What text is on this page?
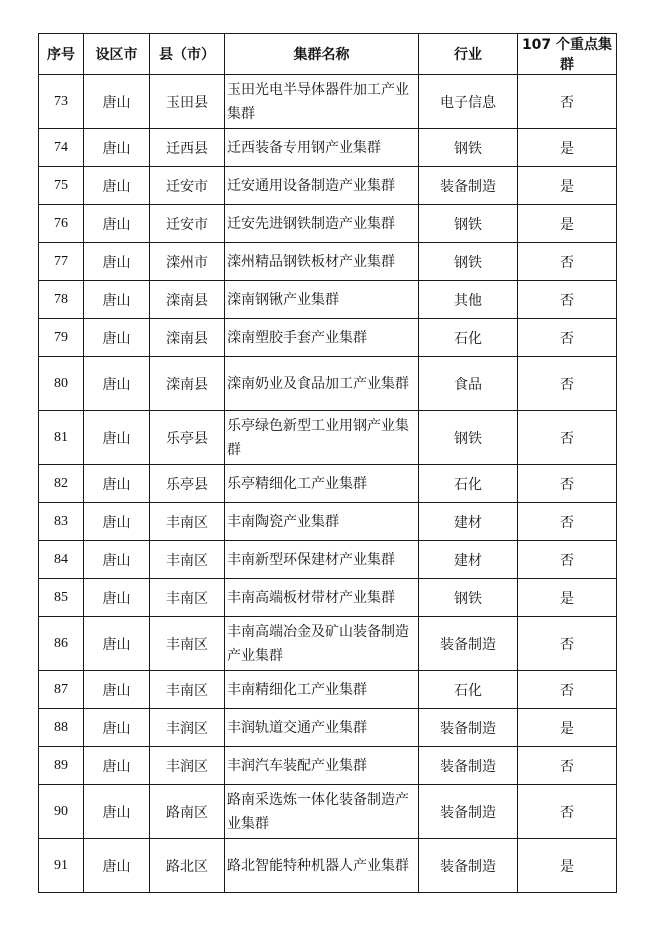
序号	设区市	县（市）	集群名称	行业	107 个重点集群
73	唐山	玉田县	玉田光电半导体器件加工产业集群	电子信息	否
74	唐山	迁西县	迁西装备专用钢产业集群	钢铁	是
75	唐山	迁安市	迁安通用设备制造产业集群	装备制造	是
76	唐山	迁安市	迁安先进钢铁制造产业集群	钢铁	是
77	唐山	滦州市	滦州精品钢铁板材产业集群	钢铁	否
78	唐山	滦南县	滦南钢锹产业集群	其他	否
79	唐山	滦南县	滦南塑胶手套产业集群	石化	否
80	唐山	滦南县	滦南奶业及食品加工产业集群	食品	否
81	唐山	乐亭县	乐亭绿色新型工业用钢产业集群	钢铁	否
82	唐山	乐亭县	乐亭精细化工产业集群	石化	否
83	唐山	丰南区	丰南陶瓷产业集群	建材	否
84	唐山	丰南区	丰南新型环保建材产业集群	建材	否
85	唐山	丰南区	丰南高端板材带材产业集群	钢铁	是
86	唐山	丰南区	丰南高端冶金及矿山装备制造产业集群	装备制造	否
87	唐山	丰南区	丰南精细化工产业集群	石化	否
88	唐山	丰润区	丰润轨道交通产业集群	装备制造	是
89	唐山	丰润区	丰润汽车装配产业集群	装备制造	否
90	唐山	路南区	路南采选炼一体化装备制造产业集群	装备制造	否
91	唐山	路北区	路北智能特种机器人产业集群	装备制造	是
